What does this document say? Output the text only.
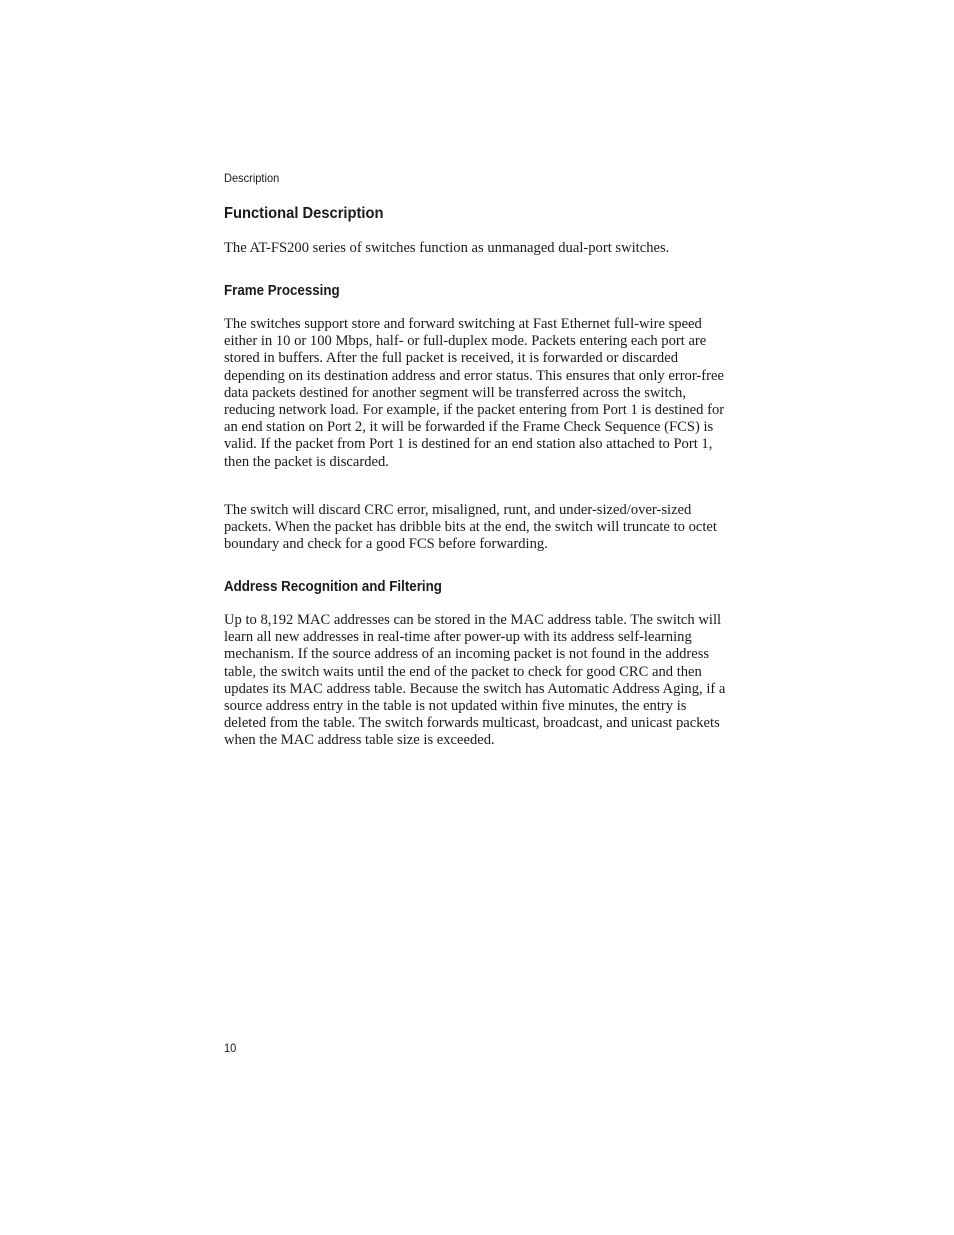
Description
Functional Description

The AT-FS200 series of switches function as unmanaged dual-port switches.

Frame Processing

The switches support store and forward switching at Fast Ethernet full-wire speed either in 10 or 100 Mbps, half- or full-duplex mode. Packets entering each port are stored in buffers. After the full packet is received, it is forwarded or discarded depending on its destination address and error status. This ensures that only error-free data packets destined for another segment will be transferred across the switch, reducing network load. For example, if the packet entering from Port 1 is destined for an end station on Port 2, it will be forwarded if the Frame Check Sequence (FCS) is valid. If the packet from Port 1 is destined for an end station also attached to Port 1, then the packet is discarded.

The switch will discard CRC error, misaligned, runt, and under-sized/over-sized packets. When the packet has dribble bits at the end, the switch will truncate to octet boundary and check for a good FCS before forwarding.

Address Recognition and Filtering

Up to 8,192 MAC addresses can be stored in the MAC address table. The switch will learn all new addresses in real-time after power-up with its address self-learning mechanism. If the source address of an incoming packet is not found in the address table, the switch waits until the end of the packet to check for good CRC and then updates its MAC address table. Because the switch has Automatic Address Aging, if a source address entry in the table is not updated within five minutes, the entry is deleted from the table. The switch forwards multicast, broadcast, and unicast packets when the MAC address table size is exceeded.

10
